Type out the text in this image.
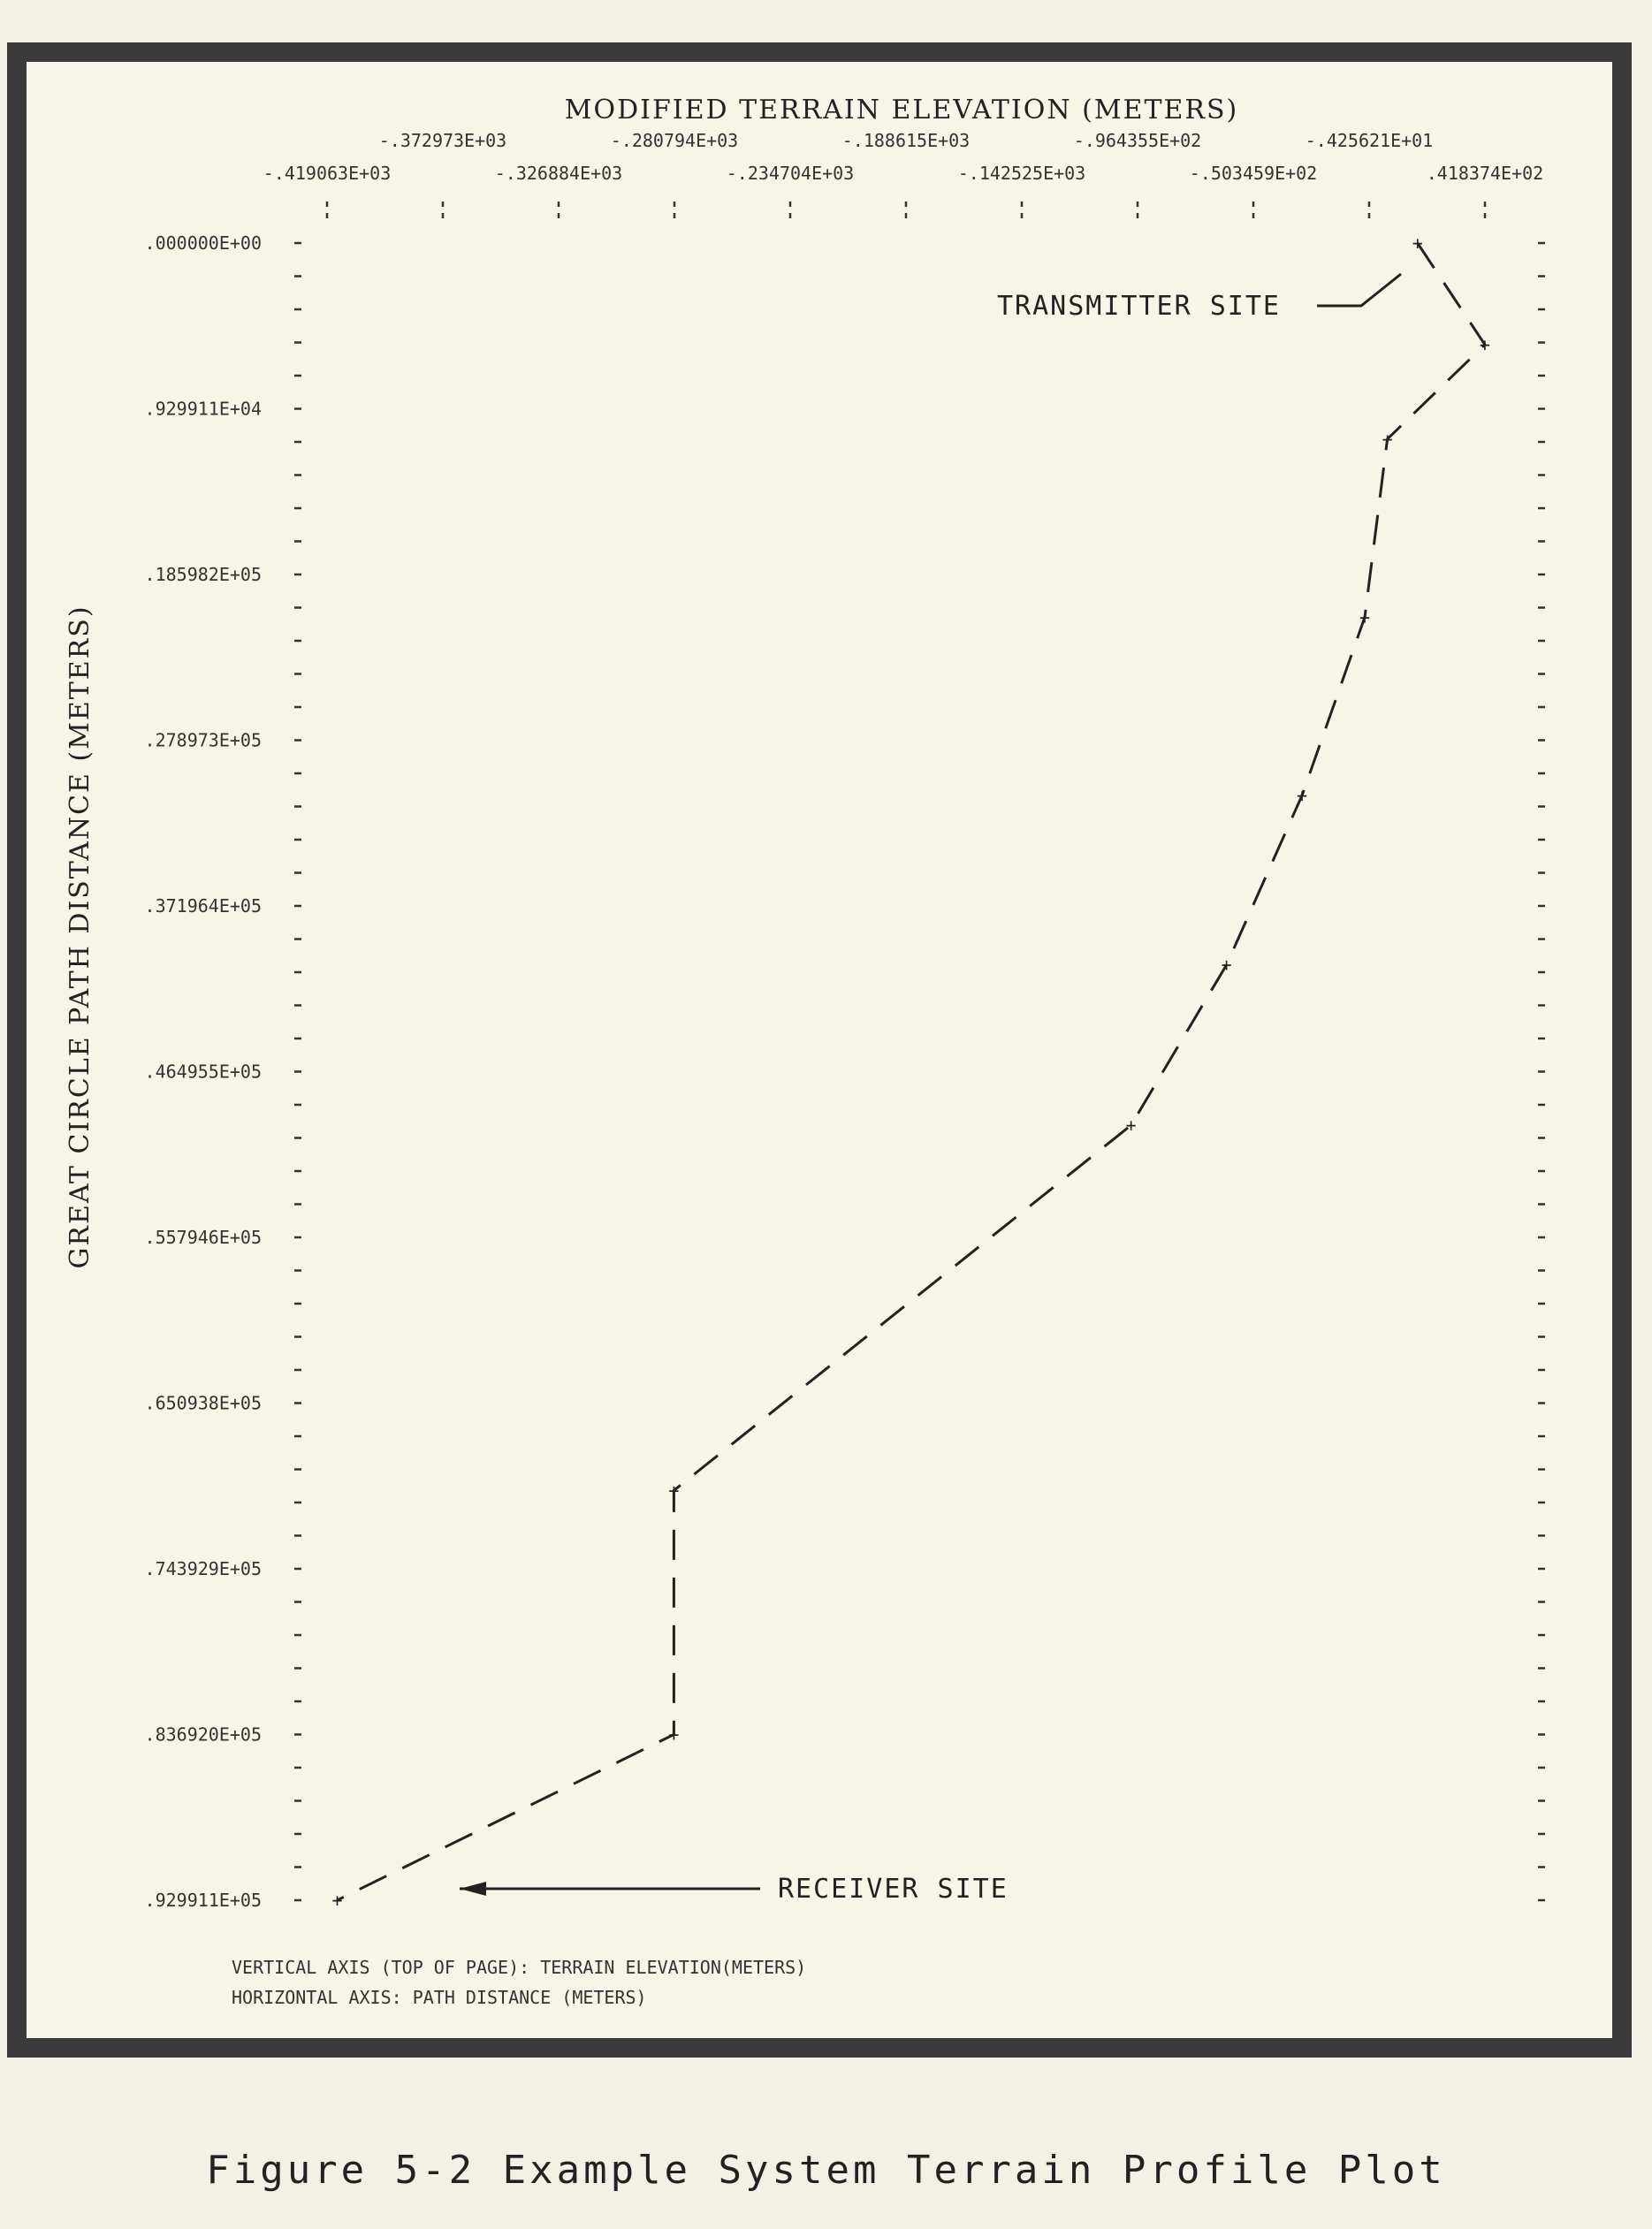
MODIFIED TERRAIN ELEVATION (METERS)
GREAT CIRCLE PATH DISTANCE (METERS)
-.372973E+03	-.280794E+03	-.188615E+03	-.964355E+02	-.425621E+01
-.419063E+03	-.326884E+03	-.234704E+03	-.142525E+03	-.503459E+02	.418374E+02
.000000E+00
.929911E+04
.185982E+05
.278973E+05
.371964E+05
.464955E+05
.557946E+05
.650938E+05
.743929E+05
.836920E+05
.929911E+05
+
+
+
+
+
+
+
+
+
+
TRANSMITTER SITE
RECEIVER SITE
VERTICAL AXIS (TOP OF PAGE): TERRAIN ELEVATION(METERS)
HORIZONTAL AXIS: PATH DISTANCE (METERS)
Figure 5-2 Example System Terrain Profile Plot
